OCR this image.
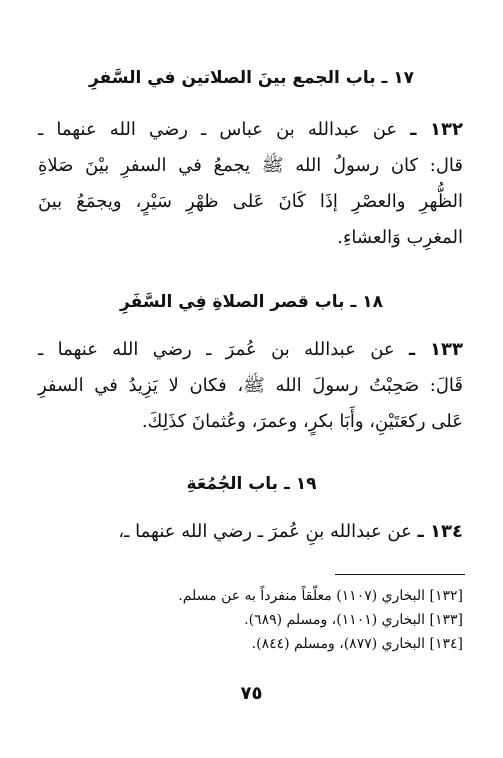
١٧ ـ باب الجمع بينَ الصلاتين في السَّفرِ
١٣٢ ـ عن عبدالله بن عباس ـ رضي الله عنهما ـ
قال: كان رسولُ الله ﷺ يجمعُ في السفرِ بيْنَ صَلاةِ
الظُّهرِ والعصْرِ إذَا كَانَ عَلى ظهْرِ سَيْرٍ، ويجمَعُ بينَ
المغرِب وَالعشاءِ.
١٨ ـ باب قصر الصلاةِ فِي السَّفَرِ
١٣٣ ـ عن عبدالله بن عُمرَ ـ رضي الله عنهما ـ
قَالَ: صَحِبْتُ رسولَ الله ﷺ، فكان لا يَزِيدُ في السفرِ
عَلى ركعَتَيْنِ، وأَبَا بكرٍ، وعمرَ، وعُثمانَ كذَلِكَ.
١٩ ـ باب الجُمُعَةِ
١٣٤ ـ عن عبدالله بنِ عُمرَ ـ رضي الله عنهما ـ،
[١٣٢] البخاري (١١٠٧) معلّقاً منفرداً به عن مسلم.
[١٣٣] البخاري (١١٠١)، ومسلم (٦٨٩).
[١٣٤] البخاري (٨٧٧)، ومسلم (٨٤٤).
٧٥
